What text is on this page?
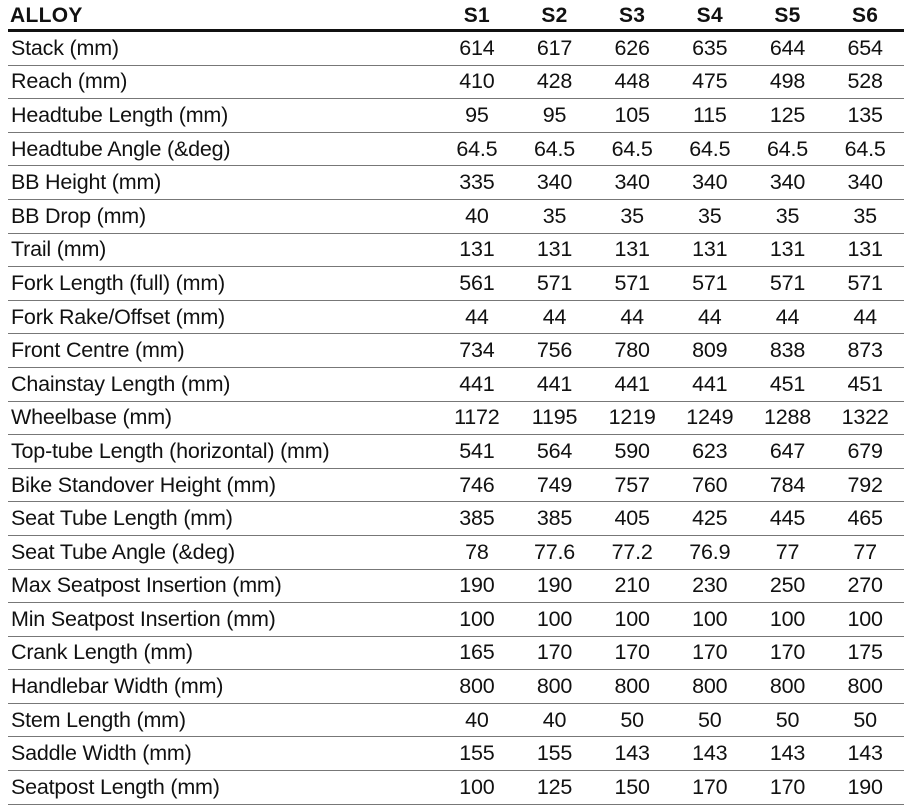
ALLOY	S1	S2	S3	S4	S5	S6
Stack (mm)	614	617	626	635	644	654
Reach (mm)	410	428	448	475	498	528
Headtube Length (mm)	95	95	105	115	125	135
Headtube Angle (&deg)	64.5	64.5	64.5	64.5	64.5	64.5
BB Height (mm)	335	340	340	340	340	340
BB Drop (mm)	40	35	35	35	35	35
Trail (mm)	131	131	131	131	131	131
Fork Length (full) (mm)	561	571	571	571	571	571
Fork Rake/Offset (mm)	44	44	44	44	44	44
Front Centre (mm)	734	756	780	809	838	873
Chainstay Length (mm)	441	441	441	441	451	451
Wheelbase (mm)	1172	1195	1219	1249	1288	1322
Top-tube Length (horizontal) (mm)	541	564	590	623	647	679
Bike Standover Height (mm)	746	749	757	760	784	792
Seat Tube Length (mm)	385	385	405	425	445	465
Seat Tube Angle (&deg)	78	77.6	77.2	76.9	77	77
Max Seatpost Insertion (mm)	190	190	210	230	250	270
Min Seatpost Insertion (mm)	100	100	100	100	100	100
Crank Length (mm)	165	170	170	170	170	175
Handlebar Width (mm)	800	800	800	800	800	800
Stem Length (mm)	40	40	50	50	50	50
Saddle Width (mm)	155	155	143	143	143	143
Seatpost Length (mm)	100	125	150	170	170	190
